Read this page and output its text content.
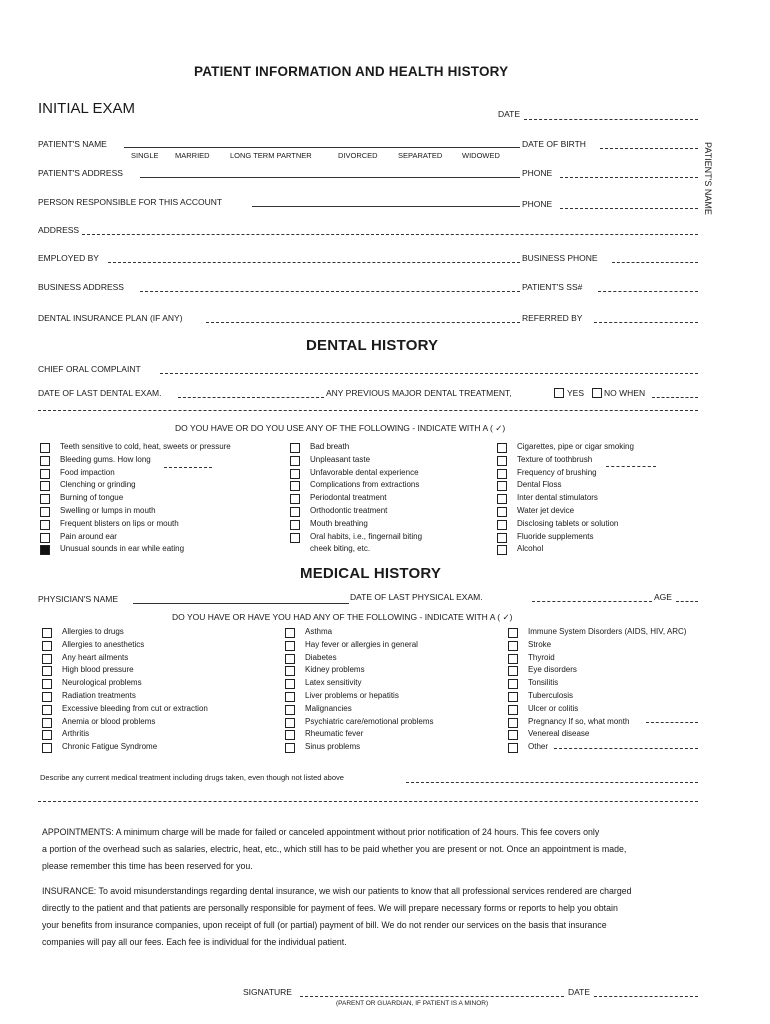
PATIENT INFORMATION AND HEALTH HISTORY
INITIAL EXAM	DATE
PATIENT'S NAME
PATIENT'S NAME	DATE OF BIRTH
SINGLE MARRIED	LONG TERM PARTNER	DIVORCED	SEPARATED	WIDOWED
PATIENT'S ADDRESS	PHONE
PERSON RESPONSIBLE FOR THIS ACCOUNT	PHONE
ADDRESS
EMPLOYED BY	BUSINESS PHONE
BUSINESS ADDRESS	PATIENT'S SS#
DENTAL INSURANCE PLAN (IF ANY)	REFERRED BY
DENTAL HISTORY
CHIEF ORAL COMPLAINT
DATE OF LAST DENTAL EXAM.	ANY PREVIOUS MAJOR DENTAL TREATMENT,	YES NO WHEN
DO YOU HAVE OR DO YOU USE ANY OF THE FOLLOWING - INDICATE WITH A ( ✓)
Teeth sensitive to cold, heat, sweets or pressure
Bleeding gums. How long
Food impaction
Clenching or grinding
Burning of tongue
Swelling or lumps in mouth
Frequent blisters on lips or mouth
Pain around ear
Unusual sounds in ear while eating
Bad breath
Unpleasant taste
Unfavorable dental experience
Complications from extractions
Periodontal treatment
Orthodontic treatment
Mouth breathing
Oral habits, i.e., fingernail biting
cheek biting, etc.
Cigarettes, pipe or cigar smoking
Texture of toothbrush
Frequency of brushing
Dental Floss
Inter dental stimulators
Water jet device
Disclosing tablets or solution
Fluoride supplements
Alcohol
MEDICAL HISTORY
PHYSICIAN'S NAME	DATE OF LAST PHYSICAL EXAM.	AGE
DO YOU HAVE OR HAVE YOU HAD ANY OF THE FOLLOWING - INDICATE WITH A ( ✓)
Allergies to drugs
Allergies to anesthetics
Any heart ailments
High blood pressure
Neurological problems
Radiation treatments
Excessive bleeding from cut or extraction
Anemia or blood problems
Arthritis
Chronic Fatigue Syndrome
Asthma
Hay fever or allergies in general
Diabetes
Kidney problems
Latex sensitivity
Liver problems or hepatitis
Malignancies
Psychiatric care/emotional problems
Rheumatic fever
Sinus problems
Immune System Disorders (AIDS, HIV, ARC)
Stroke
Thyroid
Eye disorders
Tonsilitis
Tuberculosis
Ulcer or colitis
Pregnancy If so, what month
Venereal disease
Other
Describe any current medical treatment including drugs taken, even though not listed above
APPOINTMENTS: A minimum charge will be made for failed or canceled appointment without prior notification of 24 hours. This fee covers only
a portion of the overhead such as salaries, electric, heat, etc., which still has to be paid whether you are present or not. Once an appointment is made,
please remember this time has been reserved for you.
INSURANCE: To avoid misunderstandings regarding dental insurance, we wish our patients to know that all professional services rendered are charged
directly to the patient and that patients are personally responsible for payment of fees. We will prepare necessary forms or reports to help you obtain
your benefits from insurance companies, upon receipt of full (or partial) payment of bill. We do not render our services on the basis that insurance
companies will pay all our fees. Each fee is individual for the individual patient.
SIGNATURE
(PARENT OR GUARDIAN, IF PATIENT IS A MINOR)
DATE
